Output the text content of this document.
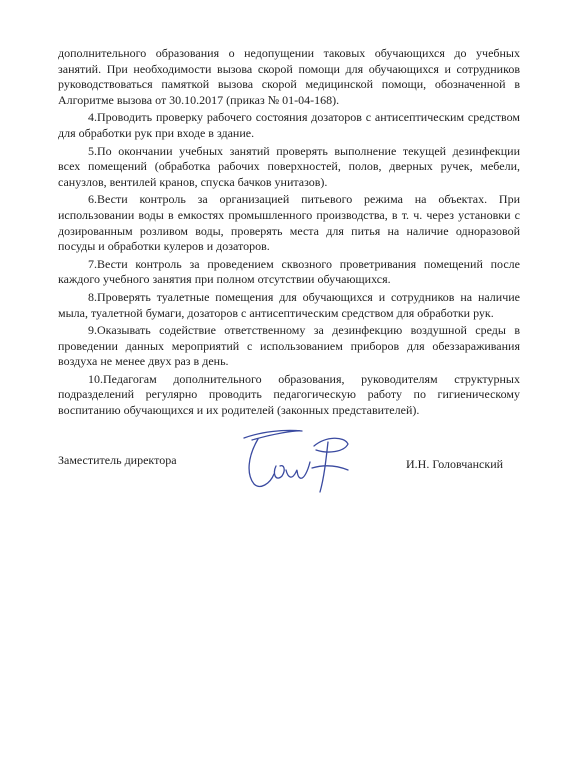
дополнительного образования о недопущении таковых обучающихся до учебных занятий. При необходимости вызова скорой помощи для обучающихся и сотрудников руководствоваться памяткой вызова скорой медицинской помощи, обозначенной в Алгоритме вызова от 30.10.2017 (приказ № 01-04-168).

4.Проводить проверку рабочего состояния дозаторов с антисептическим средством для обработки рук при входе в здание.

5.По окончании учебных занятий проверять выполнение текущей дезинфекции всех помещений (обработка рабочих поверхностей, полов, дверных ручек, мебели, санузлов, вентилей кранов, спуска бачков унитазов).

6.Вести контроль за организацией питьевого режима на объектах. При использовании воды в емкостях промышленного производства, в т. ч. через установки с дозированным розливом воды, проверять места для питья на наличие одноразовой посуды и обработки кулеров и дозаторов.

7.Вести контроль за проведением сквозного проветривания помещений после каждого учебного занятия при полном отсутствии обучающихся.

8.Проверять туалетные помещения для обучающихся и сотрудников на наличие мыла, туалетной бумаги, дозаторов с антисептическим средством для обработки рук.

9.Оказывать содействие ответственному за дезинфекцию воздушной среды в проведении данных мероприятий с использованием приборов для обеззараживания воздуха не менее двух раз в день.

10.Педагогам дополнительного образования, руководителям структурных подразделений регулярно проводить педагогическую работу по гигиеническому воспитанию обучающихся и их родителей (законных представителей).

Заместитель директора	И.Н. Головчанский
